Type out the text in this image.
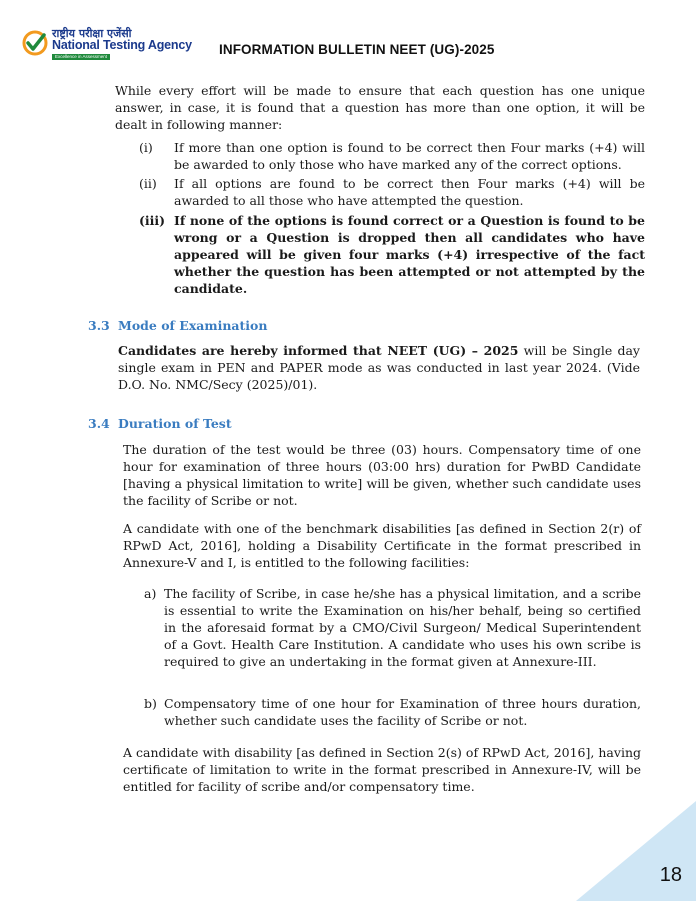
राष्ट्रीय परीक्षा एजेंसी
National Testing Agency
Excellence in Assessment	INFORMATION BULLETIN NEET (UG)-2025

While every effort will be made to ensure that each question has one unique answer, in case, it is found that a question has more than one option, it will be dealt in following manner:

(i) If more than one option is found to be correct then Four marks (+4) will be awarded to only those who have marked any of the correct options.

(ii) If all options are found to be correct then Four marks (+4) will be awarded to all those who have attempted the question.

(iii) If none of the options is found correct or a Question is found to be wrong or a Question is dropped then all candidates who have appeared will be given four marks (+4) irrespective of the fact whether the question has been attempted or not attempted by the candidate.

3.3 Mode of Examination

Candidates are hereby informed that NEET (UG) – 2025 will be Single day single exam in PEN and PAPER mode as was conducted in last year 2024. (Vide D.O. No. NMC/Secy (2025)/01).

3.4 Duration of Test

The duration of the test would be three (03) hours. Compensatory time of one hour for examination of three hours (03:00 hrs) duration for PwBD Candidate [having a physical limitation to write] will be given, whether such candidate uses the facility of Scribe or not.

A candidate with one of the benchmark disabilities [as defined in Section 2(r) of RPwD Act, 2016], holding a Disability Certificate in the format prescribed in Annexure-V and I, is entitled to the following facilities:

a) The facility of Scribe, in case he/she has a physical limitation, and a scribe is essential to write the Examination on his/her behalf, being so certified in the aforesaid format by a CMO/Civil Surgeon/ Medical Superintendent of a Govt. Health Care Institution. A candidate who uses his own scribe is required to give an undertaking in the format given at Annexure-III.

b) Compensatory time of one hour for Examination of three hours duration, whether such candidate uses the facility of Scribe or not.

A candidate with disability [as defined in Section 2(s) of RPwD Act, 2016], having certificate of limitation to write in the format prescribed in Annexure-IV, will be entitled for facility of scribe and/or compensatory time.

18
